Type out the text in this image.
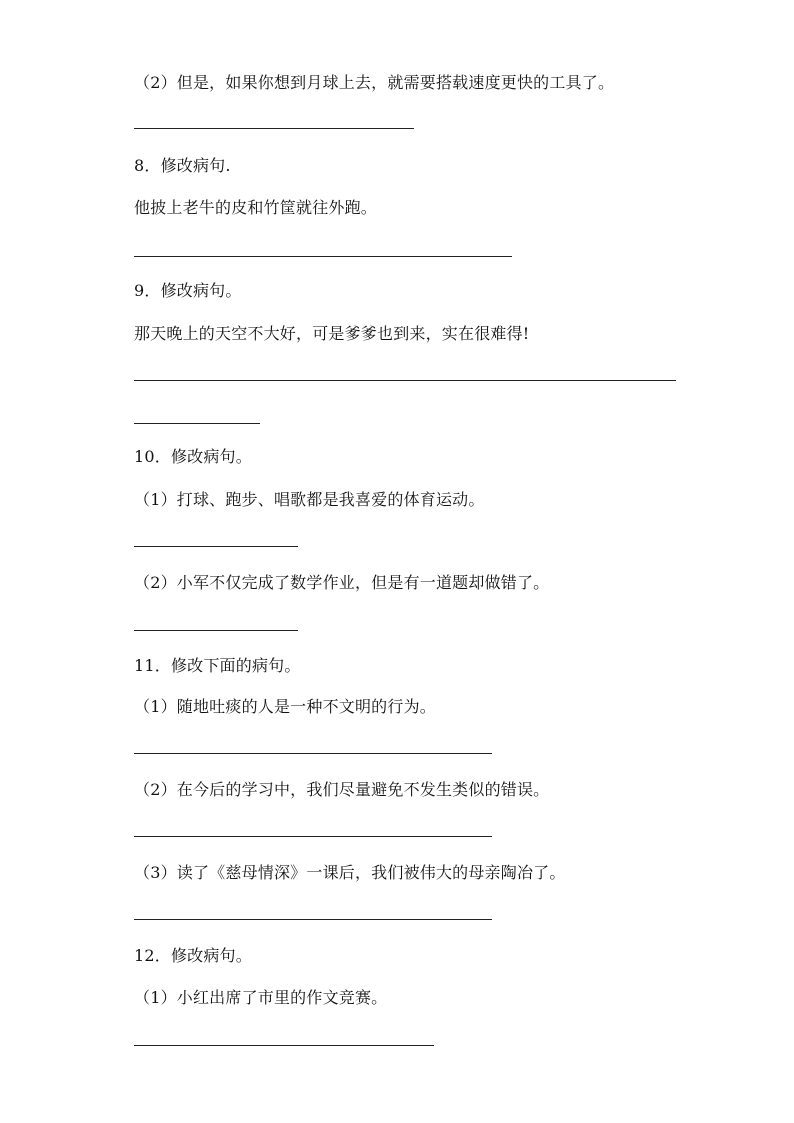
（2）但是，如果你想到月球上去，就需要搭载速度更快的工具了。
8．修改病句.
他披上老牛的皮和竹筐就往外跑。
9．修改病句。
那天晚上的天空不大好，可是爹爹也到来，实在很难得!
10．修改病句。
（1）打球、跑步、唱歌都是我喜爱的体育运动。
（2）小军不仅完成了数学作业，但是有一道题却做错了。
11．修改下面的病句。
（1）随地吐痰的人是一种不文明的行为。
（2）在今后的学习中，我们尽量避免不发生类似的错误。
（3）读了《慈母情深》一课后，我们被伟大的母亲陶冶了。
12．修改病句。
（1）小红出席了市里的作文竞赛。
